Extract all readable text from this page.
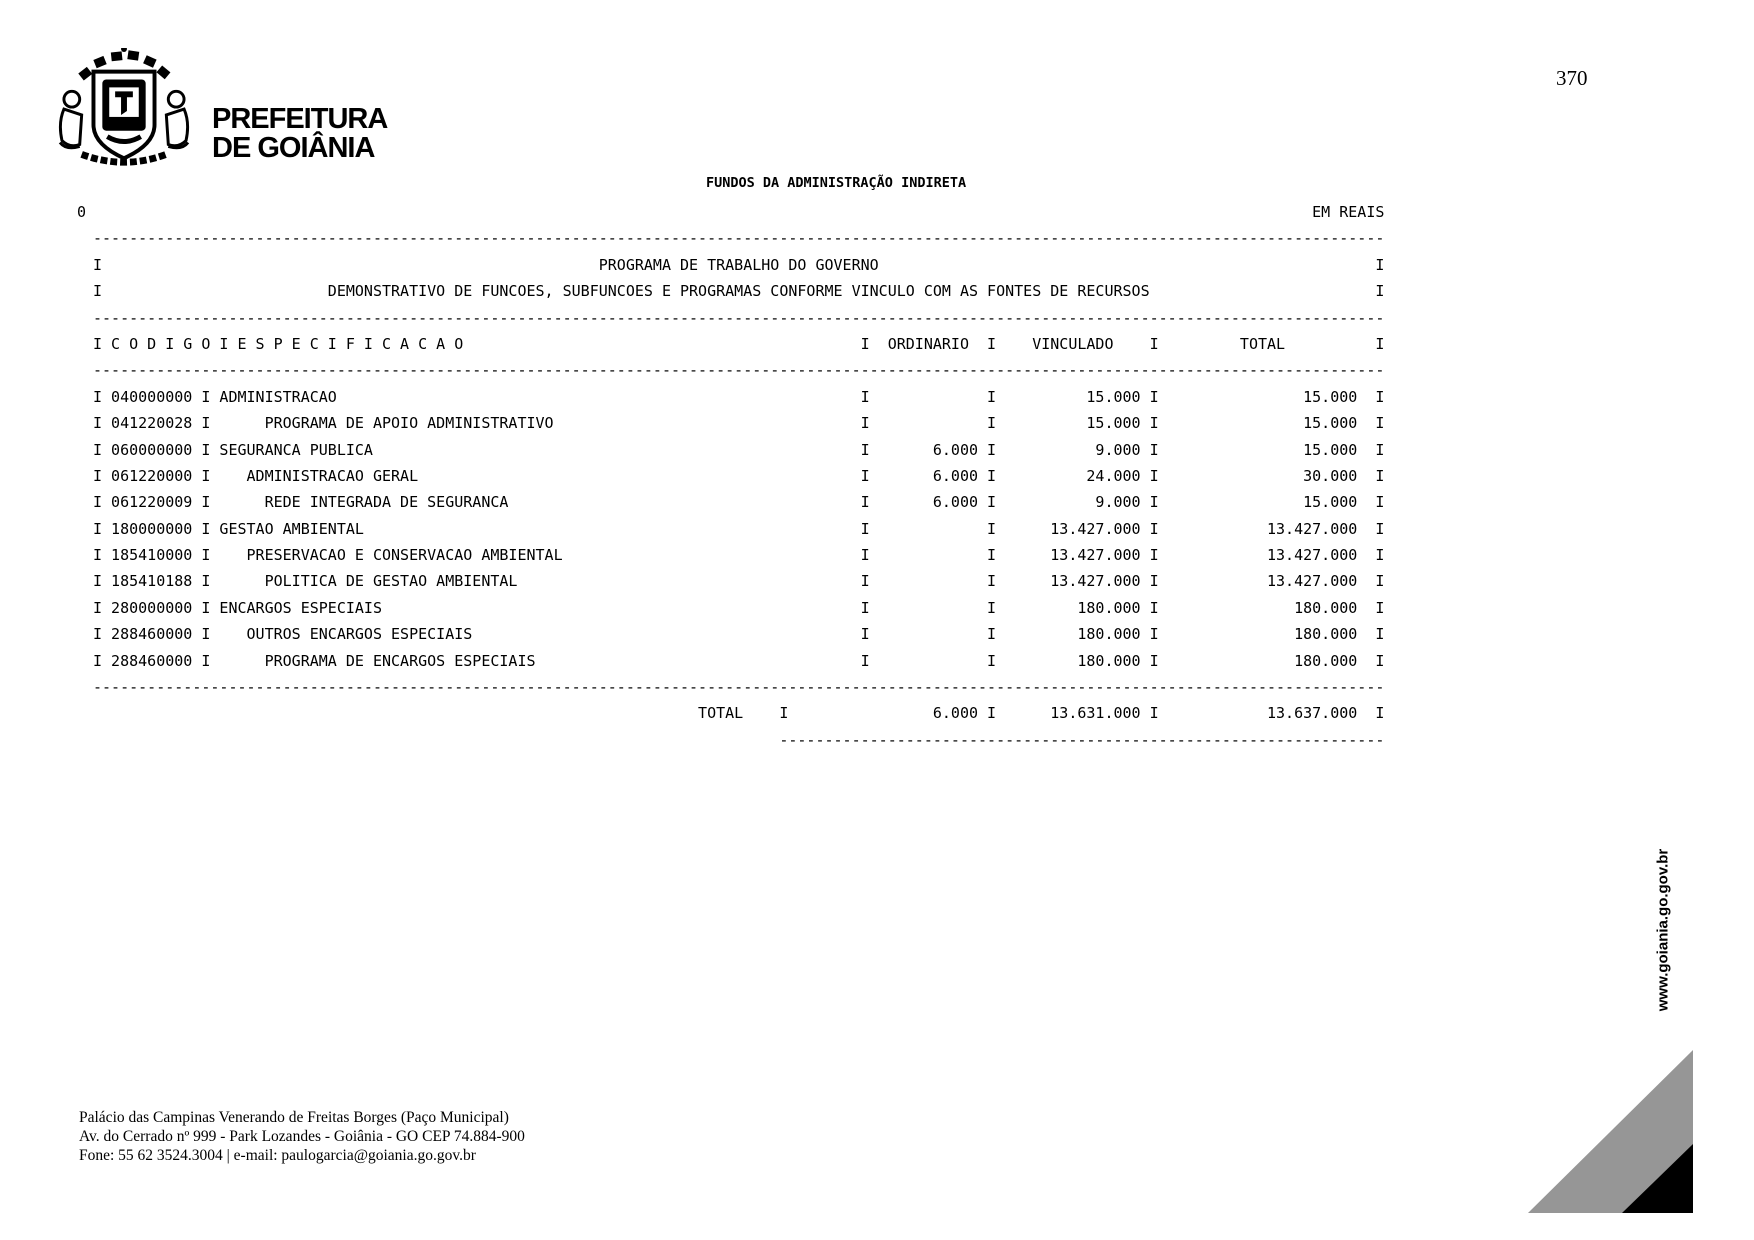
370
PREFEITURA
DE GOIÂNIA
FUNDOS DA ADMINISTRAÇÃO INDIRETA
0 EM REAIS
-----------------------------------------------------------------------------------------------------------------------------------------------
I                                                       PROGRAMA DE TRABALHO DO GOVERNO                                                       I
I                         DEMONSTRATIVO DE FUNCOES, SUBFUNCOES E PROGRAMAS CONFORME VINCULO COM AS FONTES DE RECURSOS                         I
-----------------------------------------------------------------------------------------------------------------------------------------------
I C O D I G O I E S P E C I F I C A C A O                                            I  ORDINARIO  I    VINCULADO    I         TOTAL          I
-----------------------------------------------------------------------------------------------------------------------------------------------
I 040000000 I ADMINISTRACAO                                                          I             I          15.000 I                15.000  I
I 041220028 I      PROGRAMA DE APOIO ADMINISTRATIVO                                  I             I          15.000 I                15.000  I
I 060000000 I SEGURANCA PUBLICA                                                      I       6.000 I           9.000 I                15.000  I
I 061220000 I    ADMINISTRACAO GERAL                                                 I       6.000 I          24.000 I                30.000  I
I 061220009 I      REDE INTEGRADA DE SEGURANCA                                       I       6.000 I           9.000 I                15.000  I
I 180000000 I GESTAO AMBIENTAL                                                       I             I      13.427.000 I            13.427.000  I
I 185410000 I    PRESERVACAO E CONSERVACAO AMBIENTAL                                 I             I      13.427.000 I            13.427.000  I
I 185410188 I      POLITICA DE GESTAO AMBIENTAL                                      I             I      13.427.000 I            13.427.000  I
I 280000000 I ENCARGOS ESPECIAIS                                                     I             I         180.000 I               180.000  I
I 288460000 I    OUTROS ENCARGOS ESPECIAIS                                           I             I         180.000 I               180.000  I
I 288460000 I      PROGRAMA DE ENCARGOS ESPECIAIS                                    I             I         180.000 I               180.000  I
-----------------------------------------------------------------------------------------------------------------------------------------------
TOTAL    I                6.000 I      13.631.000 I            13.637.000  I
-------------------------------------------------------------------
Palácio das Campinas Venerando de Freitas Borges (Paço Municipal)
Av. do Cerrado nº 999 - Park Lozandes - Goiânia - GO CEP 74.884-900
Fone: 55 62 3524.3004 | e-mail: paulogarcia@goiania.go.gov.br
www.goiania.go.gov.br
